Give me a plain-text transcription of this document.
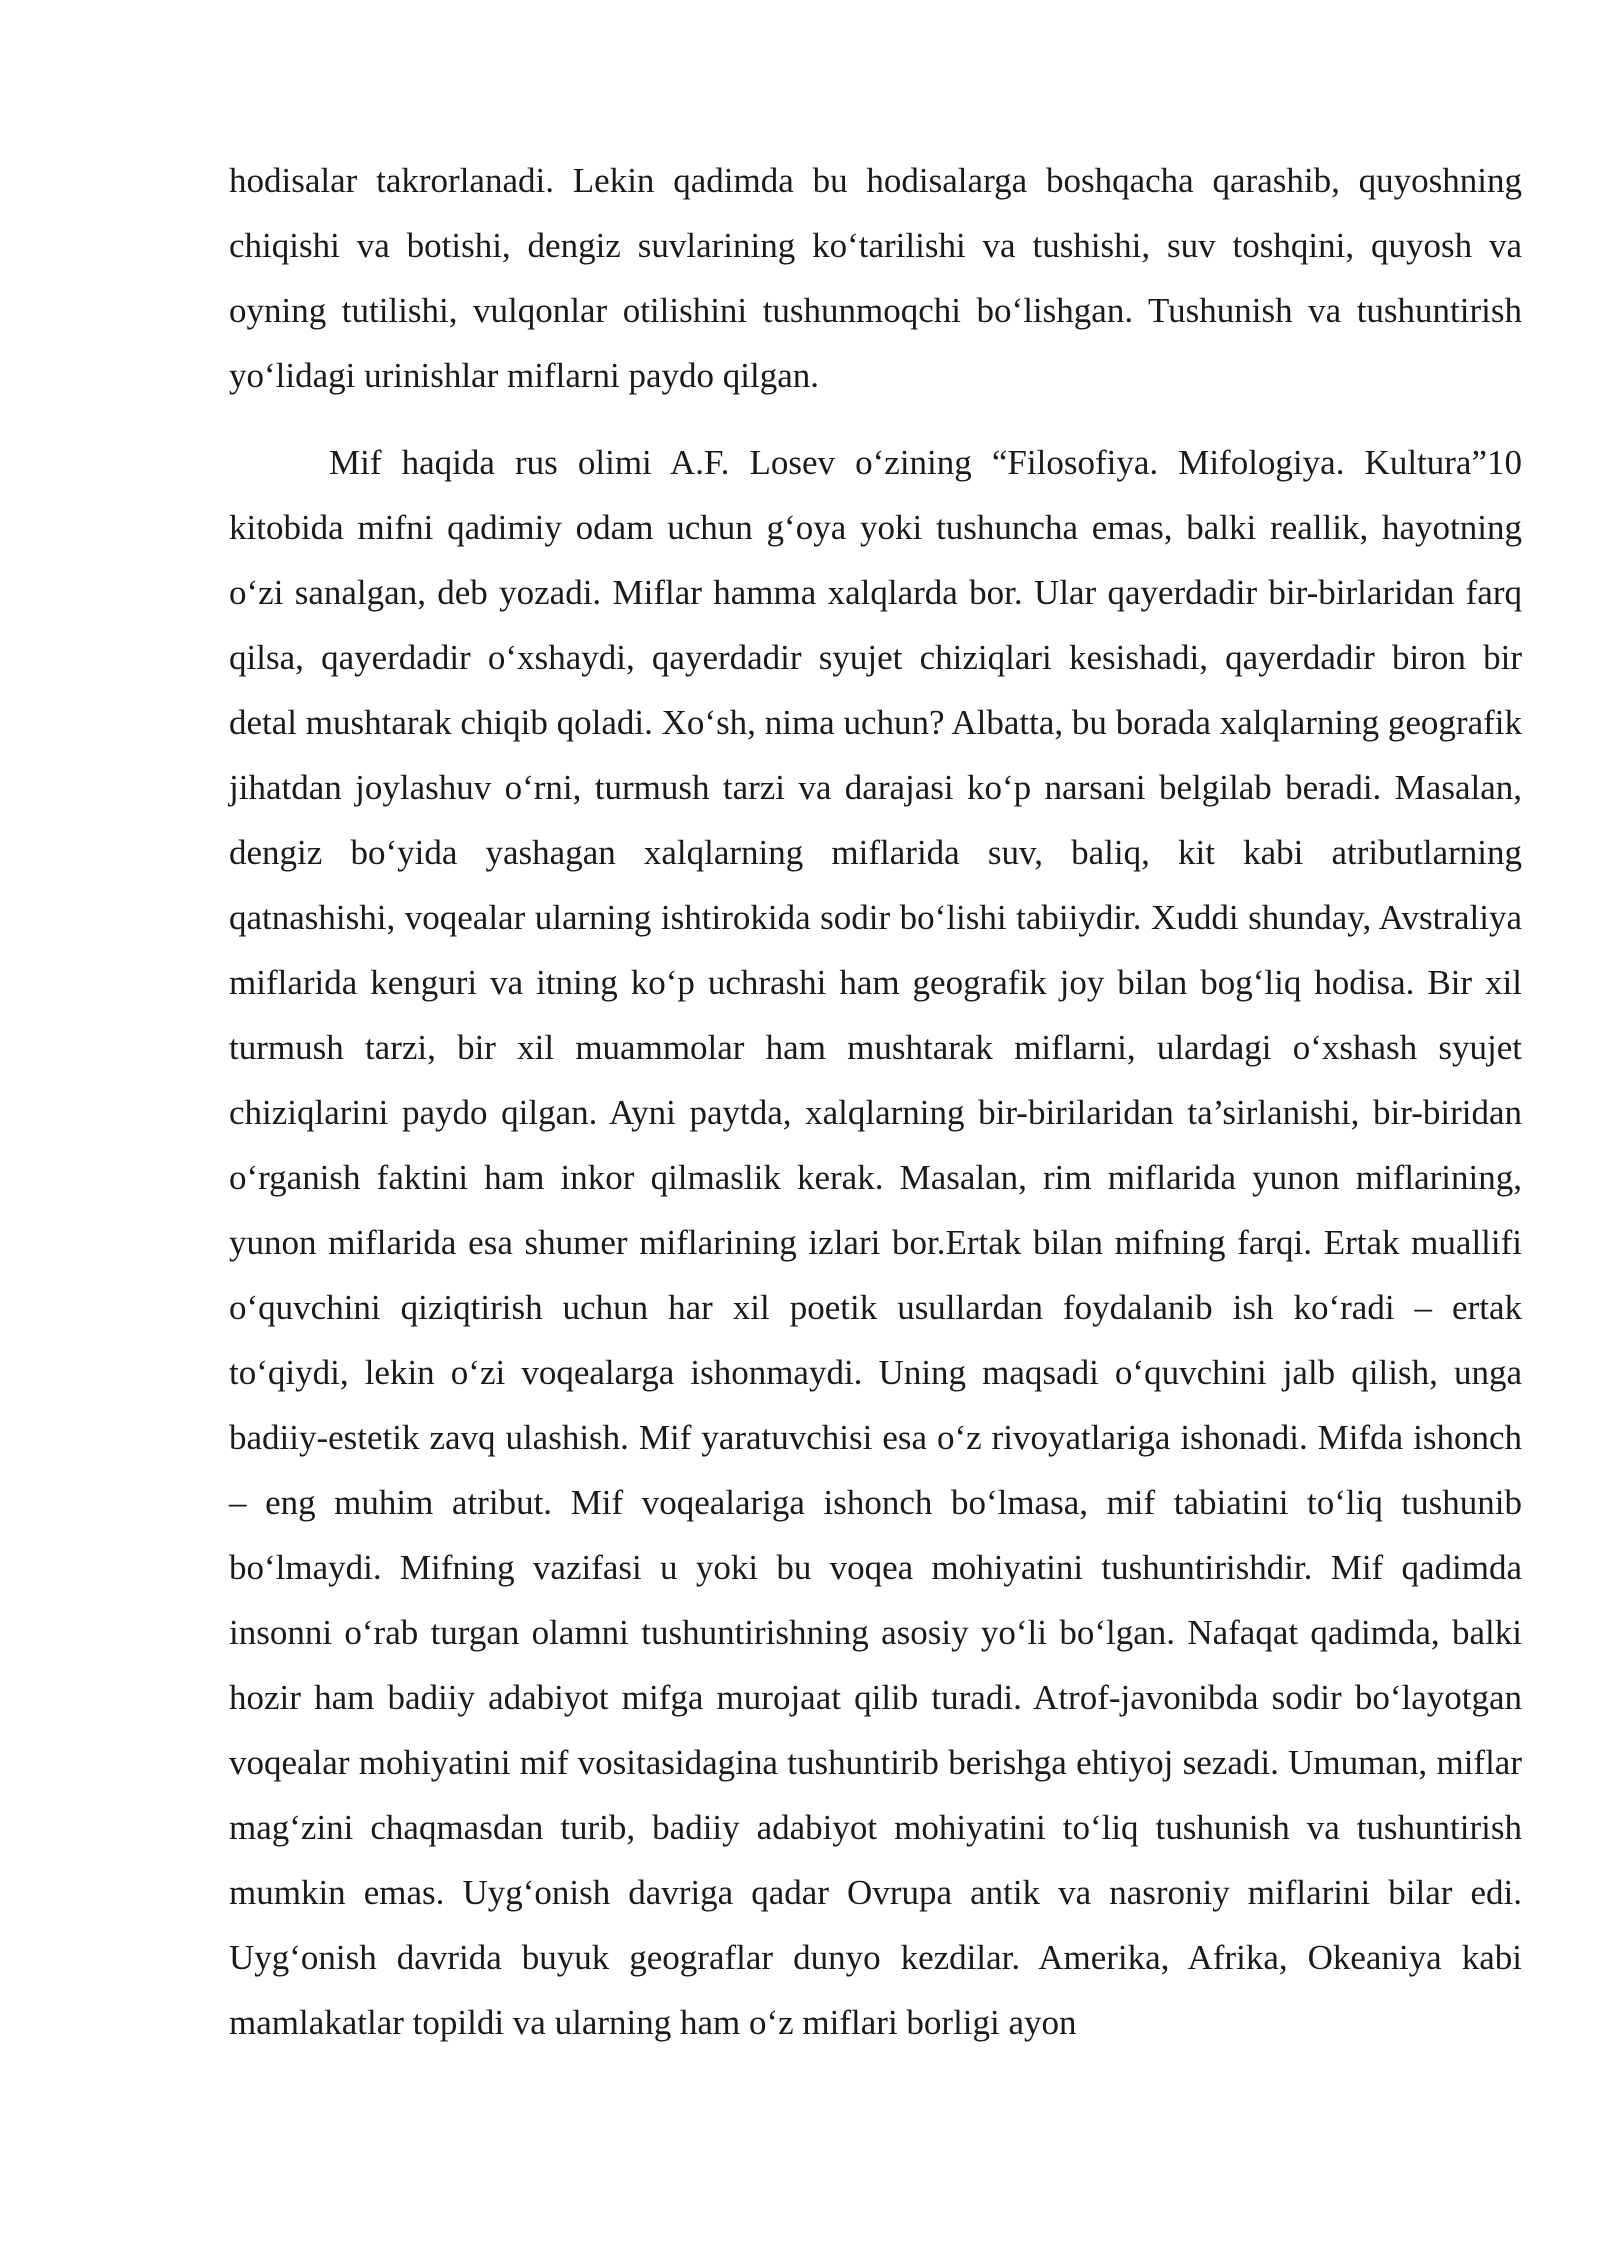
hodisalar takrorlanadi. Lekin qadimda bu hodisalarga boshqacha qarashib, quyoshning chiqishi va botishi, dengiz suvlarining ko‘tarilishi va tushishi, suv toshqini, quyosh va oyning tutilishi, vulqonlar otilishini tushunmoqchi bo‘lishgan. Tushunish va tushuntirish yo‘lidagi urinishlar miflarni paydo qilgan.

Mif haqida rus olimi A.F. Losev o‘zining “Filosofiya. Mifologiya. Kultura”10 kitobida mifni qadimiy odam uchun g‘oya yoki tushuncha emas, balki reallik, hayotning o‘zi sanalgan, deb yozadi. Miflar hamma xalqlarda bor. Ular qayerdadir bir-birlaridan farq qilsa, qayerdadir o‘xshaydi, qayerdadir syujet chiziqlari kesishadi, qayerdadir biron bir detal mushtarak chiqib qoladi. Xo‘sh, nima uchun? Albatta, bu borada xalqlarning geografik jihatdan joylashuv o‘rni, turmush tarzi va darajasi ko‘p narsani belgilab beradi. Masalan, dengiz bo‘yida yashagan xalqlarning miflarida suv, baliq, kit kabi atributlarning qatnashishi, voqealar ularning ishtirokida sodir bo‘lishi tabiiydir. Xuddi shunday, Avstraliya miflarida kenguri va itning ko‘p uchrashi ham geografik joy bilan bog‘liq hodisa. Bir xil turmush tarzi, bir xil muammolar ham mushtarak miflarni, ulardagi o‘xshash syujet chiziqlarini paydo qilgan. Ayni paytda, xalqlarning bir-birilaridan ta’sirlanishi, bir-biridan o‘rganish faktini ham inkor qilmaslik kerak. Masalan, rim miflarida yunon miflarining, yunon miflarida esa shumer miflarining izlari bor.Ertak bilan mifning farqi. Ertak muallifi o‘quvchini qiziqtirish uchun har xil poetik usullardan foydalanib ish ko‘radi – ertak to‘qiydi, lekin o‘zi voqealarga ishonmaydi. Uning maqsadi o‘quvchini jalb qilish, unga badiiy-estetik zavq ulashish. Mif yaratuvchisi esa o‘z rivoyatlariga ishonadi. Mifda ishonch – eng muhim atribut. Mif voqealariga ishonch bo‘lmasa, mif tabiatini to‘liq tushunib bo‘lmaydi. Mifning vazifasi u yoki bu voqea mohiyatini tushuntirishdir. Mif qadimda insonni o‘rab turgan olamni tushuntirishning asosiy yo‘li bo‘lgan. Nafaqat qadimda, balki hozir ham badiiy adabiyot mifga murojaat qilib turadi. Atrof-javonibda sodir bo‘layotgan voqealar mohiyatini mif vositasidagina tushuntirib berishga ehtiyoj sezadi. Umuman, miflar mag‘zini chaqmasdan turib, badiiy adabiyot mohiyatini to‘liq tushunish va tushuntirish mumkin emas. Uyg‘onish davriga qadar Ovrupa antik va nasroniy miflarini bilar edi. Uyg‘onish davrida buyuk geograflar dunyo kezdilar. Amerika, Afrika, Okeaniya kabi mamlakatlar topildi va ularning ham o‘z miflari borligi ayon
